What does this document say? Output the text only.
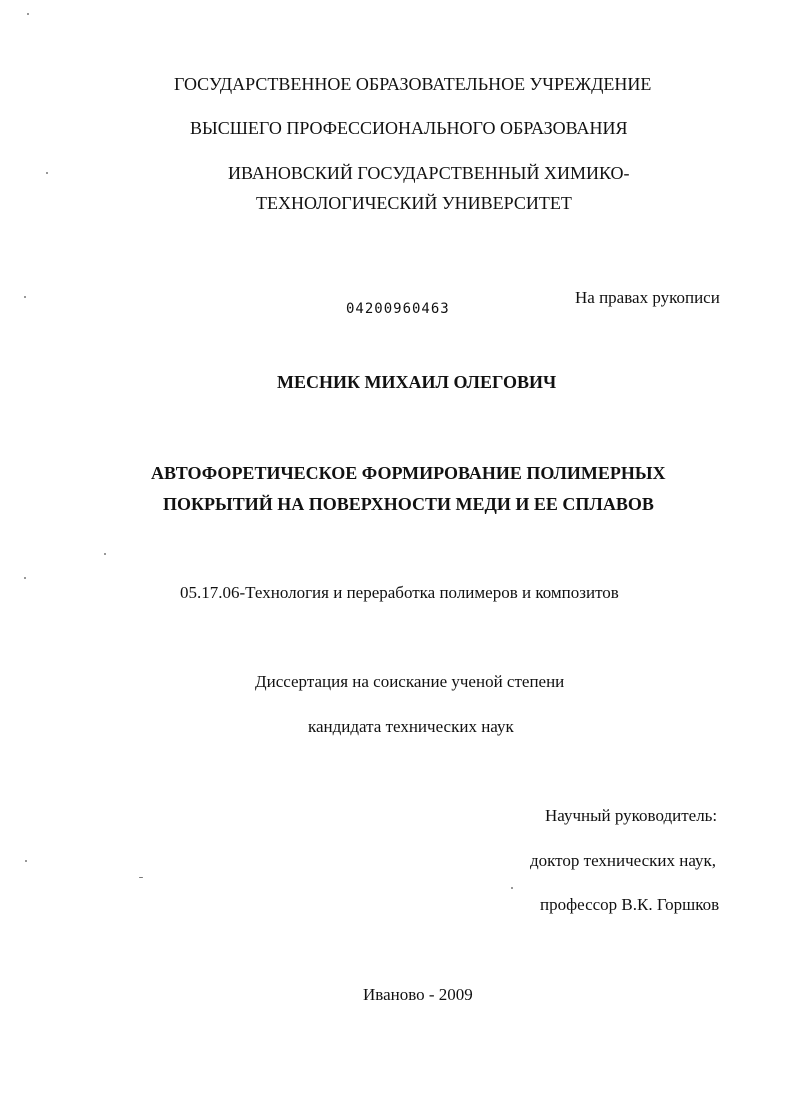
ГОСУДАРСТВЕННОЕ ОБРАЗОВАТЕЛЬНОЕ УЧРЕЖДЕНИЕ
ВЫСШЕГО ПРОФЕССИОНАЛЬНОГО ОБРАЗОВАНИЯ
ИВАНОВСКИЙ ГОСУДАРСТВЕННЫЙ ХИМИКО-
ТЕХНОЛОГИЧЕСКИЙ УНИВЕРСИТЕТ
04200960463
На правах рукописи
МЕСНИК МИХАИЛ ОЛЕГОВИЧ
АВТОФОРЕТИЧЕСКОЕ ФОРМИРОВАНИЕ ПОЛИМЕРНЫХ
ПОКРЫТИЙ НА ПОВЕРХНОСТИ МЕДИ И ЕЕ СПЛАВОВ
05.17.06-Технология и переработка полимеров и композитов
Диссертация на соискание ученой степени
кандидата технических наук
Научный руководитель:
доктор технических наук,
профессор В.К. Горшков
Иваново - 2009
